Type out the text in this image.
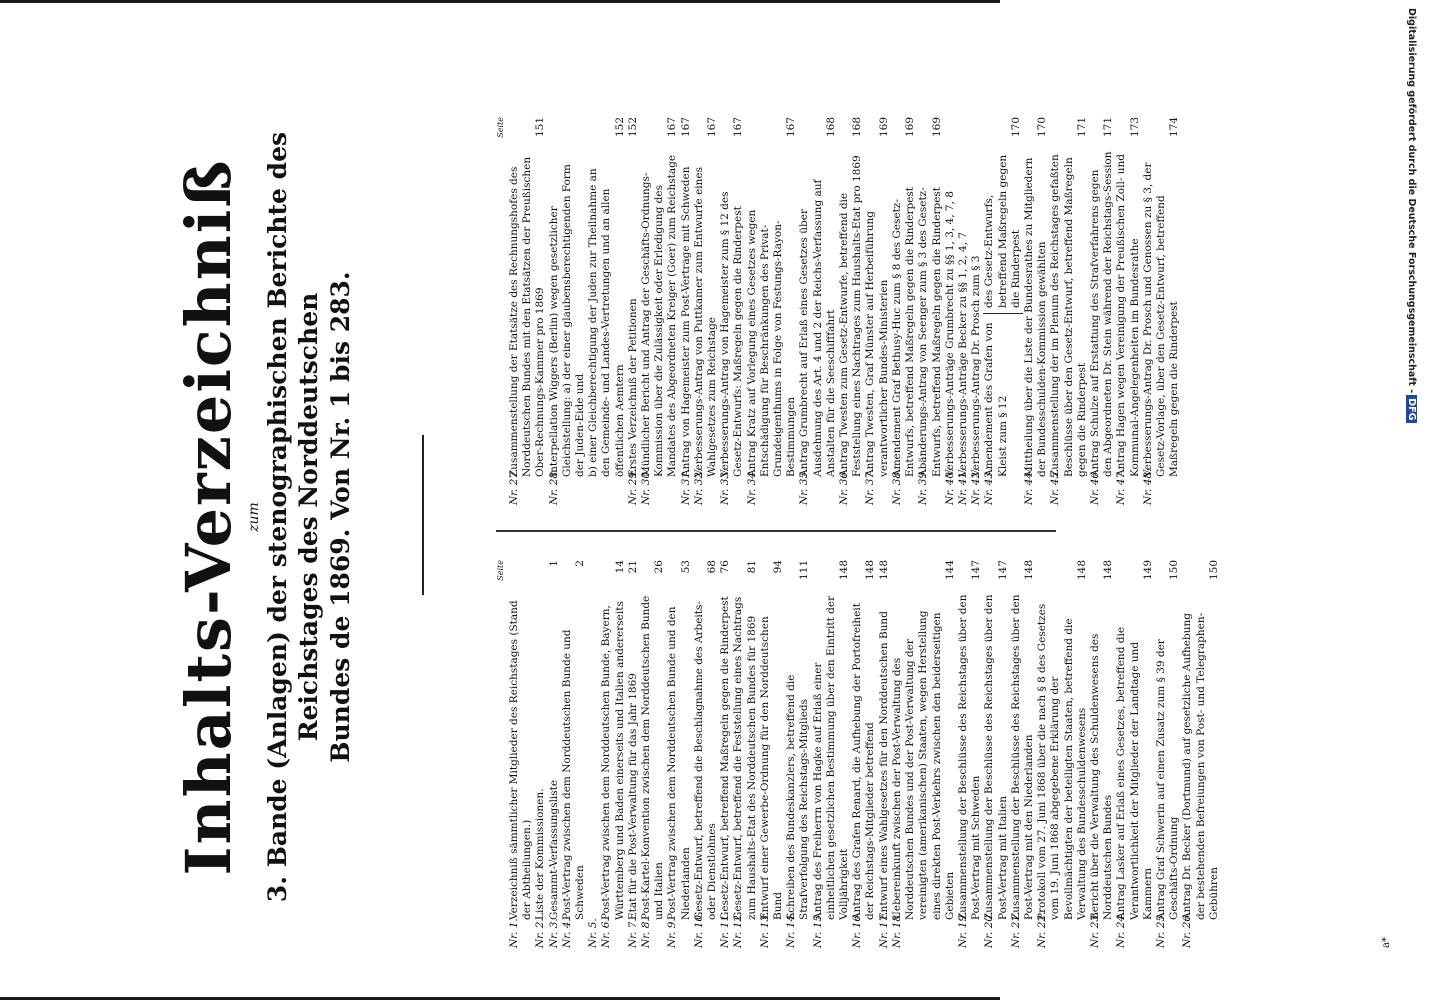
Inhalts-Verzeichniß zum 3. Bande (Anlagen) der stenographischen Berichte des Reichstages des Norddeutschen Bundes de 1869. Von Nr. 1 bis 283.	Seite
Nr. 1.
Verzeichniß sämmtlicher Mitglieder des Reichstages (Stand der Abtheilungen.)
Nr. 2.
Liste der Kommissionen.
Nr. 3.
Gesammt-Verfassungsliste
1
Nr. 4.
Post-Vertrag zwischen dem Norddeutschen Bunde und Schweden
2
Nr. 5. Nr. 6.
Post-Vertrag zwischen dem Norddeutschen Bunde, Bayern, Württemberg und Baden einerseits und Italien andererseits
14
Nr. 7.
Etat für die Post-Verwaltung für das Jahr 1869
21
Nr. 8.
Post-Kartel-Konvention zwischen dem Norddeutschen Bunde und Italien
26
Nr. 9.
Post-Vertrag zwischen dem Norddeutschen Bunde und den Niederlanden
53
Nr. 10.
Gesetz-Entwurf, betreffend die Beschlagnahme des Arbeits- oder Dienstlohnes
68
Nr. 11.
Gesetz-Entwurf, betreffend Maßregeln gegen die Rinderpest
76
Nr. 12.
Gesetz-Entwurf, betreffend die Feststellung eines Nachtrags zum Haushalts-Etat des Norddeutschen Bundes für 1869
81
Nr. 13.
Entwurf einer Gewerbe-Ordnung für den Norddeutschen Bund
94
Nr. 14.
Schreiben des Bundeskanzlers, betreffend die Strafverfolgung des Reichstags-Mitglieds
111
Nr. 15.
Antrag des Freiherrn von Hagke auf Erlaß einer einheitlichen gesetzlichen Bestimmung über den Eintritt der Volljährigkeit
148
Nr. 16.
Antrag des Grafen Renard, die Aufhebung der Portofreiheit der Reichstags-Mitglieder betreffend
148
Nr. 17.
Entwurf eines Wahlgesetzes für den Norddeutschen Bund
148
Nr. 18.
Uebereinkunft zwischen der Post-Verwaltung des Norddeutschen Bundes und der Post-Verwaltung der vereinigten (amerikanischen) Staaten, wegen Herstellung eines direkten Post-Verkehrs zwischen den beiderseitigen Gebieten
144
Nr. 19.
Zusammenstellung der Beschlüsse des Reichstages über den Post-Vertrag mit Schweden
147
Nr. 20.
Zusammenstellung der Beschlüsse des Reichstages über den Post-Vertrag mit Italien
147
Nr. 21.
Zusammenstellung der Beschlüsse des Reichstages über den Post-Vertrag mit den Niederlanden
148
Nr. 22.
Protokoll vom 27. Juni 1868 über die nach § 8 des Gesetzes vom 19. Juni 1868 abgegebene Erklärung der Bevollmächtigten der beteiligten Staaten, betreffend die Verwaltung des Bundesschuldenwesens
148
Nr. 23.
Bericht über die Verwaltung des Schuldenwesens des Norddeutschen Bundes
148
Nr. 24.
Antrag Lasker auf Erlaß eines Gesetzes, betreffend die Verantwortlichkeit der Mitglieder der Landtage und Kammern
149
Nr. 25.
Antrag Graf Schwerin auf einen Zusatz zum § 39 der Geschäfts-Ordnung
150
Nr. 26.
Antrag Dr. Becker (Dortmund) auf gesetzliche Aufhebung der bestehenden Befreiungen von Post- und Telegraphen-Gebühren
150
Seite
Nr. 27.
Zusammenstellung der Etatsätze des Rechnungshofes des Norddeutschen Bundes mit den Etatsätzen der Preußischen Ober-Rechnungs-Kammer pro 1869
151
Nr. 28.
Interpellation Wiggers (Berlin) wegen gesetzlicher Gleichstellung: a) der einer glaubensberechtigenden Form der Juden-Eide und b) einer Gleichberechtigung der Juden zur Theilnahme an den Gemeinde- und Landes-Vertretungen und an allen öffentlichen Aemtern
152
Nr. 29.
Erstes Verzeichniß der Petitionen
152
Nr. 30.
Mündlicher Bericht und Antrag der Geschäfts-Ordnungs-Kommission über die Zulässigkeit oder Erledigung des Mandates des Abgeordneten Kreiger (Goer) zum Reichstage
167
Nr. 31.
Antrag von Hagemeister zum Post-Vertrage mit Schweden
167
Nr. 32.
Verbesserungs-Antrag von Puttkamer zum Entwurfe eines Wahlgesetzes zum Reichstage
167
Nr. 33.
Verbesserungs-Antrag von Hagemeister zum § 12 des Gesetz-Entwurfs: Maßregeln gegen die Rinderpest
167
Nr. 34.
Antrag Kratz auf Vorlegung eines Gesetzes wegen Entschädigung für Beschränkungen des Privat-Grundeigenthums in Folge von Festungs-Rayon-Bestimmungen
167
Nr. 35.
Antrag Grumbrecht auf Erlaß eines Gesetzes über Ausdehnung des Art. 4 und 2 der Reichs-Verfassung auf Anstalten für die Seeschifffahrt
168
Nr. 36.
Antrag Twesten zum Gesetz-Entwurfe, betreffend die Feststellung eines Nachtrages zum Haushalts-Etat pro 1869
168
Nr. 37.
Antrag Twesten, Graf Münster auf Herbeiführung verantwortlicher Bundes-Ministerien
169
Nr. 38.
Amendement Graf Bethusy-Huc zum § 8 des Gesetz-Entwurfs, betreffend Maßregeln gegen die Rinderpest
169
Nr. 39.
Abänderungs-Antrag von Seenger zum § 3 des Gesetz-Entwurfs, betreffend Maßregeln gegen die Rinderpest
169
Nr. 40.
Verbesserungs-Anträge Grumbrecht zu §§ 1, 3, 4, 7, 8
Nr. 41.
Verbesserungs-Anträge Becker zu §§ 1, 2, 4, 7
Nr. 42.
Verbesserungs-Antrag Dr. Prosch zum § 3
Nr. 43.
Amendement des Grafen von Kleist zum § 12
des Gesetz-Entwurfs, betreffend Maßregeln gegen die Rinderpest
170
Nr. 44.
Mittheilung über die Liste der Bundesrathes zu Mitgliedern der Bundesschulden-Kommission gewählten
170
Nr. 45.
Zusammenstellung der im Plenum des Reichstages gefaßten Beschlüsse über den Gesetz-Entwurf, betreffend Maßregeln gegen die Rinderpest
171
Nr. 46.
Antrag Schulze auf Erstattung des Strafverfahrens gegen den Abgeordneten Dr. Stein während der Reichstags-Session
171
Nr. 47.
Antrag Hagen wegen Vereinigung der Preußischen Zoll- und Kommunal-Angelegenheiten im Bundesrathe
173
Nr. 48.
Verbesserungs-Antrag Dr. Prosch und Genossen zu § 3, der Gesetz-Vorlage, über den Gesetz-Entwurf, betreffend Maßregeln gegen die Rinderpest
174
a*
Digitalisierung gefördert durch die Deutsche Forschungsgemeinschaft -DFG
